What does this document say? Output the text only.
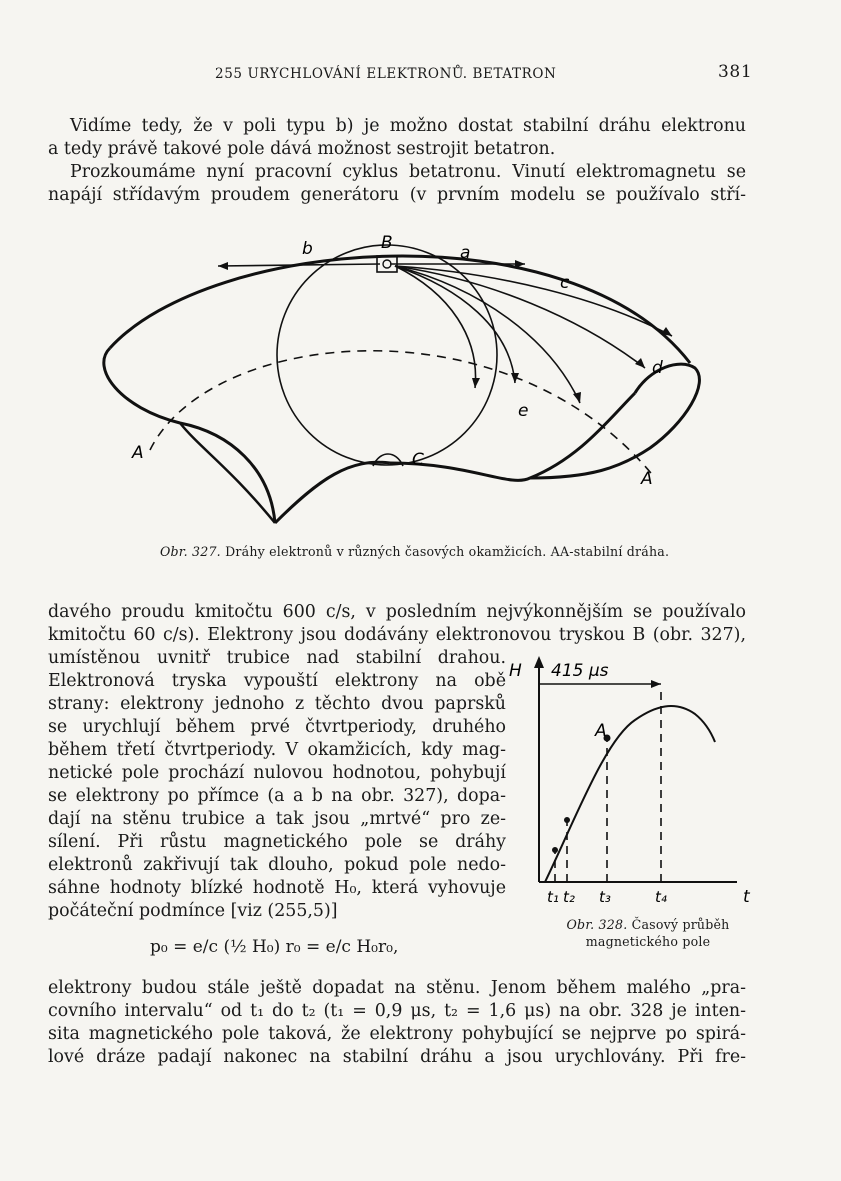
255 URYCHLOVÁNÍ ELEKTRONŮ. BETATRON	381
Vidíme tedy, že v poli typu b) je možno dostat stabilní dráhu elektronu
a tedy právě takové pole dává možnost sestrojit betatron.
Prozkoumáme nyní pracovní cyklus betatronu. Vinutí elektromagnetu se
napájí střídavým proudem generátoru (v prvním modelu se používalo stří-
b	B	a
c
d
e
A
A
C
Obr. 327. Dráhy elektronů v různých časových okamžicích. AA-stabilní dráha.
davého proudu kmitočtu 600 c/s, v posledním nejvýkonnějším se používalo
kmitočtu 60 c/s). Elektrony jsou dodávány elektronovou tryskou B (obr. 327),
umístěnou uvnitř trubice nad stabilní drahou.
Elektronová tryska vypouští elektrony na obě
strany: elektrony jednoho z těchto dvou paprsků
se urychlují během prvé čtvrtperiody, druhého
během třetí čtvrtperiody. V okamžicích, kdy mag-
netické pole prochází nulovou hodnotou, pohybují
se elektrony po přímce (a a b na obr. 327), dopa-
dají na stěnu trubice a tak jsou „mrtvé“ pro ze-
sílení. Při růstu magnetického pole se dráhy
elektronů zakřivují tak dlouho, pokud pole nedo-
sáhne hodnoty blízké hodnotě H₀, která vyhovuje
počáteční podmínce [viz (255,5)]
p₀ = e/c (½ H₀) r₀ = e/c H₀r₀,
H
t
415 μs
A
t₁ t₂ t₃	t₄
Obr. 328. Časový průběh
magnetického pole
elektrony budou stále ještě dopadat na stěnu. Jenom během malého „pra-
covního intervalu“ od t₁ do t₂ (t₁ = 0,9 μs, t₂ = 1,6 μs) na obr. 328 je inten-
sita magnetického pole taková, že elektrony pohybující se nejprve po spirá-
lové dráze padají nakonec na stabilní dráhu a jsou urychlovány. Při fre-
